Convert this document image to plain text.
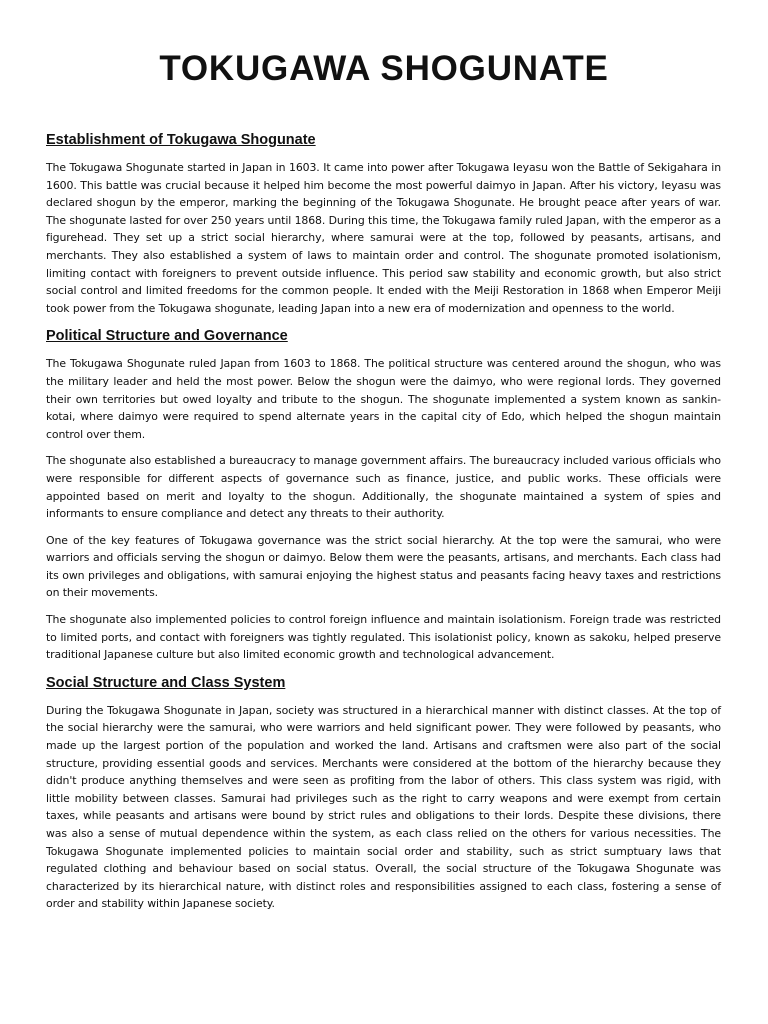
TOKUGAWA SHOGUNATE
Establishment of Tokugawa Shogunate

The Tokugawa Shogunate started in Japan in 1603. It came into power after Tokugawa Ieyasu won the Battle of Sekigahara in 1600. This battle was crucial because it helped him become the most powerful daimyo in Japan. After his victory, Ieyasu was declared shogun by the emperor, marking the beginning of the Tokugawa Shogunate. He brought peace after years of war. The shogunate lasted for over 250 years until 1868. During this time, the Tokugawa family ruled Japan, with the emperor as a figurehead. They set up a strict social hierarchy, where samurai were at the top, followed by peasants, artisans, and merchants. They also established a system of laws to maintain order and control. The shogunate promoted isolationism, limiting contact with foreigners to prevent outside influence. This period saw stability and economic growth, but also strict social control and limited freedoms for the common people. It ended with the Meiji Restoration in 1868 when Emperor Meiji took power from the Tokugawa shogunate, leading Japan into a new era of modernization and openness to the world.

Political Structure and Governance

The Tokugawa Shogunate ruled Japan from 1603 to 1868. The political structure was centered around the shogun, who was the military leader and held the most power. Below the shogun were the daimyo, who were regional lords. They governed their own territories but owed loyalty and tribute to the shogun. The shogunate implemented a system known as sankin-kotai, where daimyo were required to spend alternate years in the capital city of Edo, which helped the shogun maintain control over them.

The shogunate also established a bureaucracy to manage government affairs. The bureaucracy included various officials who were responsible for different aspects of governance such as finance, justice, and public works. These officials were appointed based on merit and loyalty to the shogun. Additionally, the shogunate maintained a system of spies and informants to ensure compliance and detect any threats to their authority.

One of the key features of Tokugawa governance was the strict social hierarchy. At the top were the samurai, who were warriors and officials serving the shogun or daimyo. Below them were the peasants, artisans, and merchants. Each class had its own privileges and obligations, with samurai enjoying the highest status and peasants facing heavy taxes and restrictions on their movements.

The shogunate also implemented policies to control foreign influence and maintain isolationism. Foreign trade was restricted to limited ports, and contact with foreigners was tightly regulated. This isolationist policy, known as sakoku, helped preserve traditional Japanese culture but also limited economic growth and technological advancement.

Social Structure and Class System

During the Tokugawa Shogunate in Japan, society was structured in a hierarchical manner with distinct classes. At the top of the social hierarchy were the samurai, who were warriors and held significant power. They were followed by peasants, who made up the largest portion of the population and worked the land. Artisans and craftsmen were also part of the social structure, providing essential goods and services. Merchants were considered at the bottom of the hierarchy because they didn't produce anything themselves and were seen as profiting from the labor of others. This class system was rigid, with little mobility between classes. Samurai had privileges such as the right to carry weapons and were exempt from certain taxes, while peasants and artisans were bound by strict rules and obligations to their lords. Despite these divisions, there was also a sense of mutual dependence within the system, as each class relied on the others for various necessities. The Tokugawa Shogunate implemented policies to maintain social order and stability, such as strict sumptuary laws that regulated clothing and behaviour based on social status. Overall, the social structure of the Tokugawa Shogunate was characterized by its hierarchical nature, with distinct roles and responsibilities assigned to each class, fostering a sense of order and stability within Japanese society.
